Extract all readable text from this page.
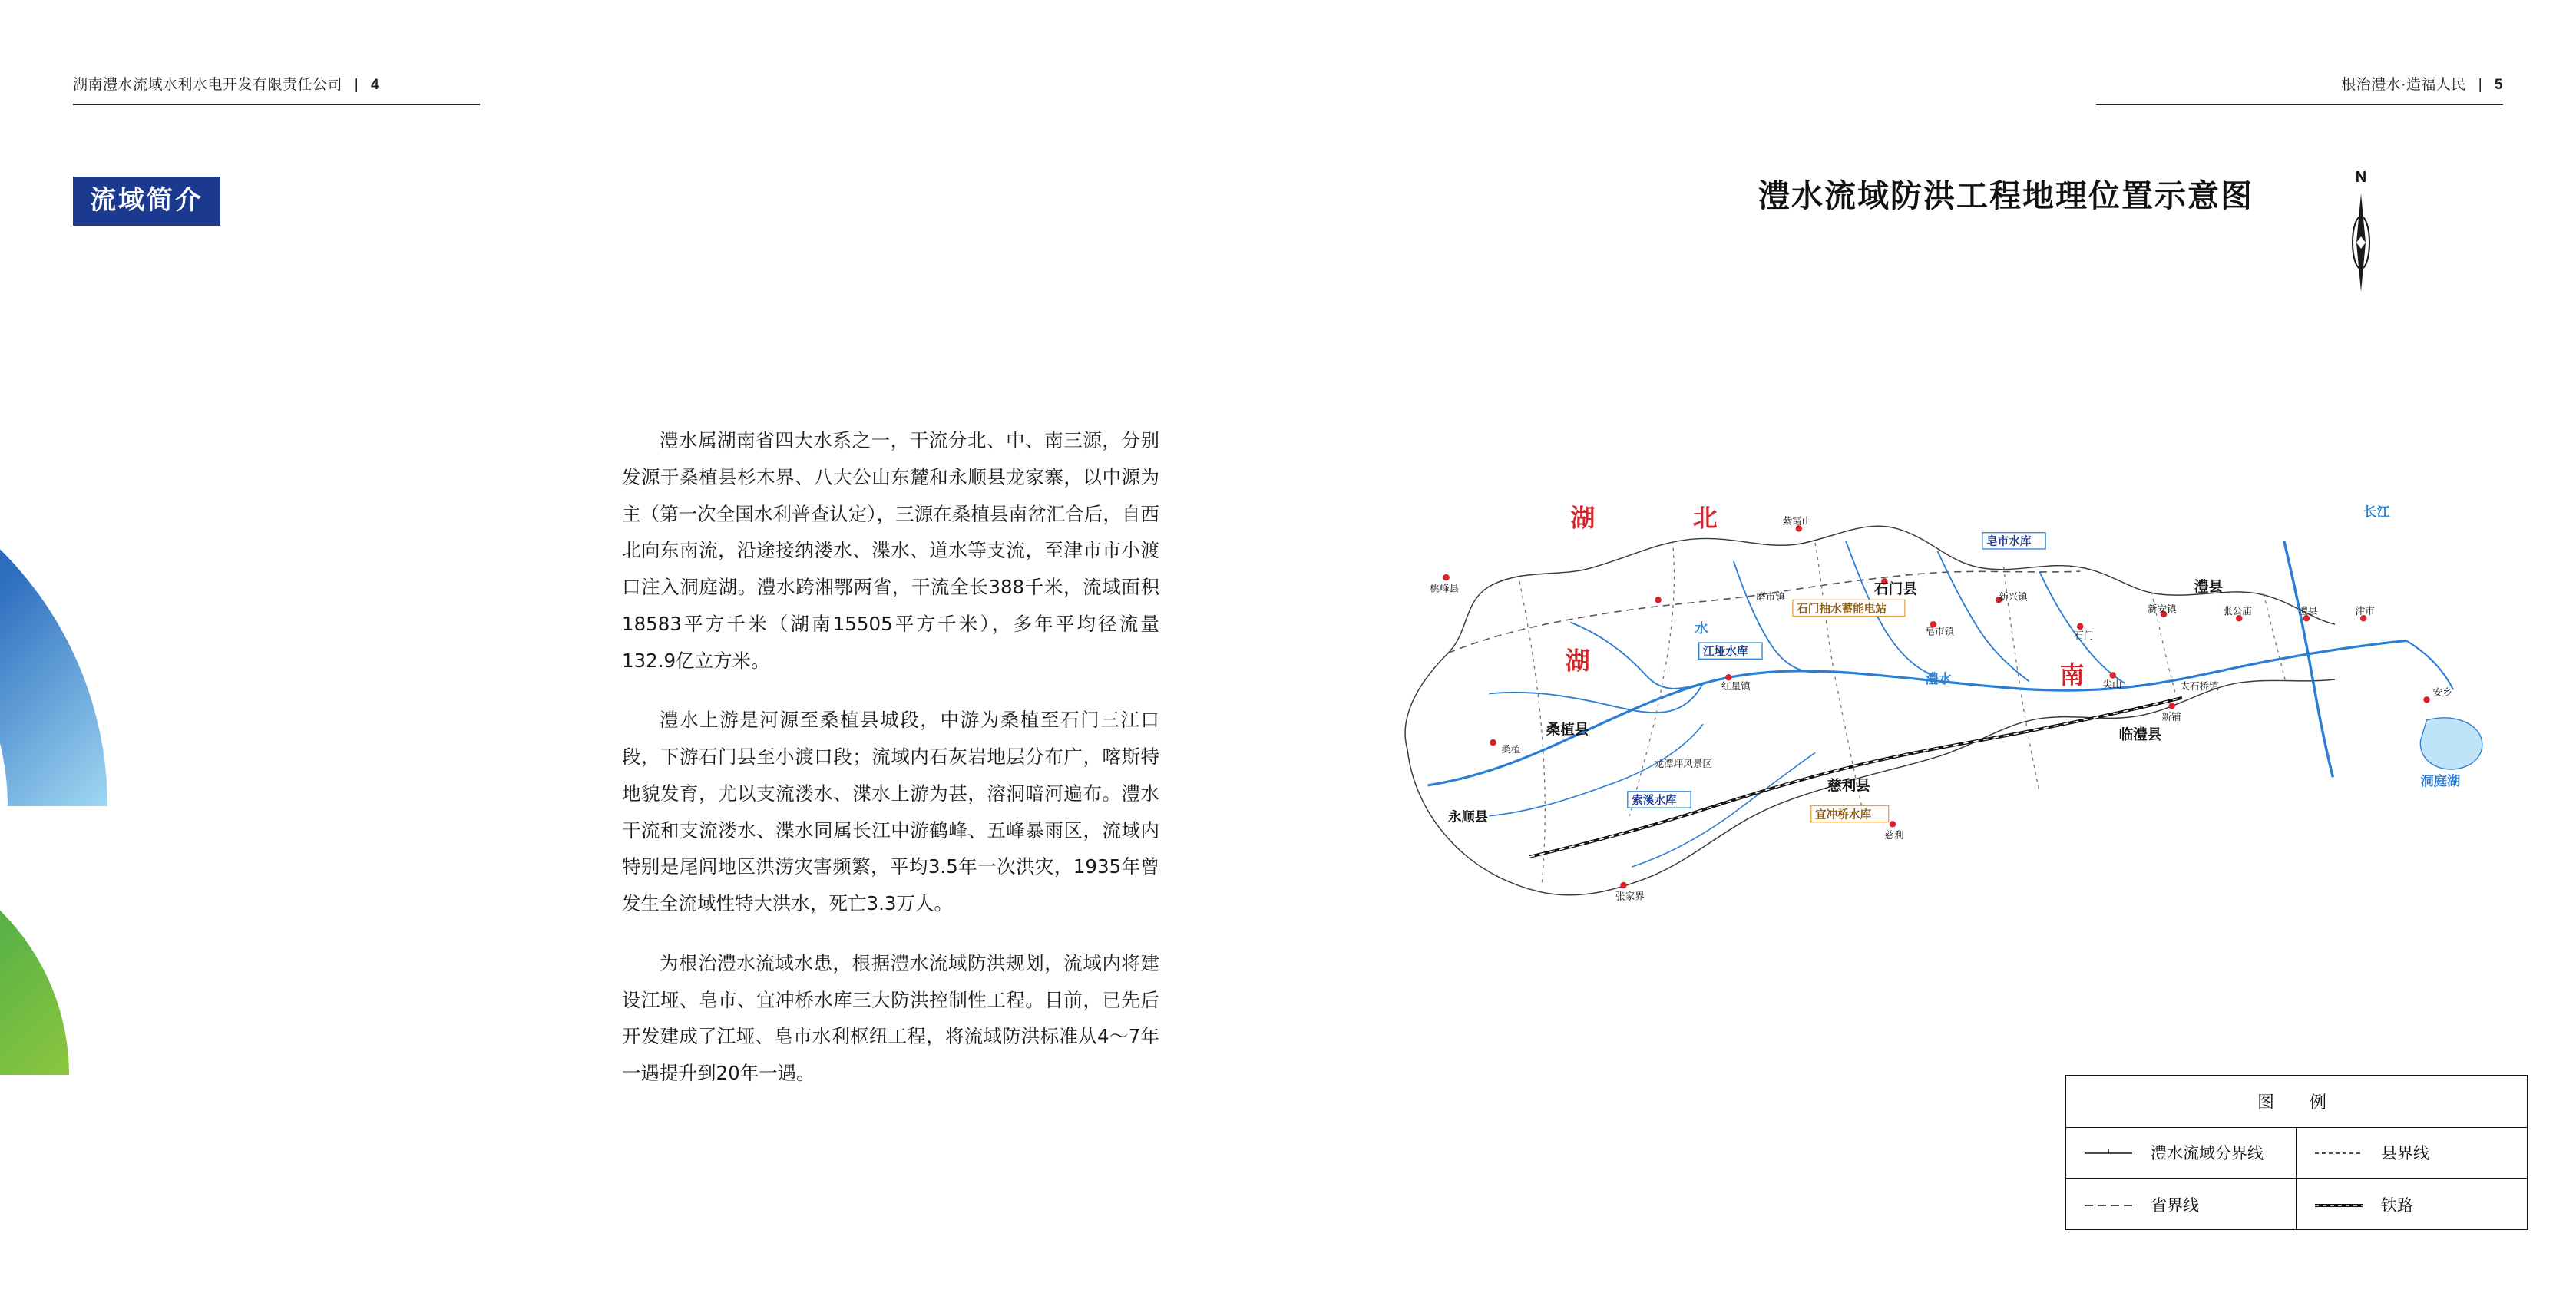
湖南澧水流域水利水电开发有限责任公司 | 4	根治澧水·造福人民 | 5
流域简介

澧水属湖南省四大水系之一，干流分北、中、南三源，分别发源于桑植县杉木界、八大公山东麓和永顺县龙家寨，以中源为主（第一次全国水利普查认定），三源在桑植县南岔汇合后，自西北向东南流，沿途接纳溇水、渫水、道水等支流，至津市市小渡口注入洞庭湖。澧水跨湘鄂两省，干流全长388千米，流域面积18583平方千米（湖南15505平方千米），多年平均径流量132.9亿立方米。

澧水上游是河源至桑植县城段，中游为桑植至石门三江口段，下游石门县至小渡口段；流域内石灰岩地层分布广，喀斯特地貌发育，尤以支流溇水、渫水上游为甚，溶洞暗河遍布。澧水干流和支流溇水、渫水同属长江中游鹤峰、五峰暴雨区，流域内特别是尾闾地区洪涝灾害频繁，平均3.5年一次洪灾，1935年曾发生全流域性特大洪水，死亡3.3万人。

为根治澧水流域水患，根据澧水流域防洪规划，流域内将建设江垭、皂市、宜冲桥水库三大防洪控制性工程。目前，已先后开发建成了江垭、皂市水利枢纽工程，将流域防洪标准从4～7年一遇提升到20年一遇。

澧水流域防洪工程地理位置示意图
N
湖	北
湖	南
石门县	澧县
桑植县
慈利县
临澧县
永顺县
皂市水库
江垭水库
索溪水库
宜冲桥水库
石门抽水蓄能电站
桃峰县
紫霞山
磨市镇	新兴镇
皂市镇	石门
新安镇	张公庙	澧县	津市
红星镇
桑植
龙潭坪风景区
尖山	太石桥镇
新铺
慈利
张家界
安乡
长江
洞庭湖
澧水
水
图　例
澧水流域分界线	县界线
省界线	铁路
